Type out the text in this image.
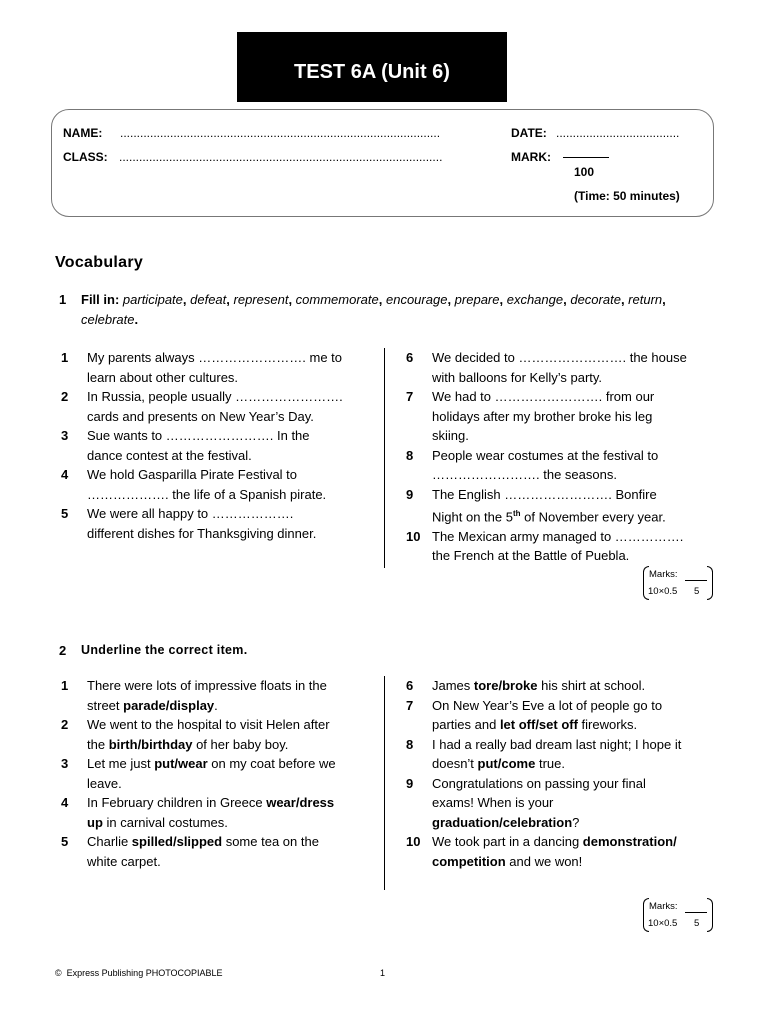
TEST 6A (Unit 6)
NAME: ................................................................................................	DATE: .....................................
CLASS: .................................................................................................	MARK:
100
(Time: 50 minutes)
Vocabulary
1 Fill in: participate, defeat, represent, commemorate, encourage, prepare, exchange, decorate, return, celebrate.
1 My parents always ……………………. me to
learn about other cultures.
2 In Russia, people usually …………………….
cards and presents on New Year’s Day.
3 Sue wants to ……………………. In the
dance contest at the festival.
4 We hold Gasparilla Pirate Festival to
………………. the life of a Spanish pirate.
5 We were all happy to ……………….
different dishes for Thanksgiving dinner.
6 We decided to ……………………. the house
with balloons for Kelly’s party.
7 We had to ……………………. from our
holidays after my brother broke his leg
skiing.
8 People wear costumes at the festival to
……………………. the seasons.
9 The English ……………………. Bonfire
Night on the 5th of November every year.
10 The Mexican army managed to …………….
the French at the Battle of Puebla.
Marks:
10×0.5 5
2 Underline the correct item.
1 There were lots of impressive floats in the
street parade/display.
2 We went to the hospital to visit Helen after
the birth/birthday of her baby boy.
3 Let me just put/wear on my coat before we
leave.
4 In February children in Greece wear/dress
up in carnival costumes.
5 Charlie spilled/slipped some tea on the
white carpet.
6 James tore/broke his shirt at school.
7 On New Year’s Eve a lot of people go to
parties and let off/set off fireworks.
8 I had a really bad dream last night; I hope it
doesn’t put/come true.
9 Congratulations on passing your final
exams! When is your
graduation/celebration?
10 We took part in a dancing demonstration/
competition and we won!
Marks:
10×0.5 5
© Express Publishing PHOTOCOPIABLE	1
